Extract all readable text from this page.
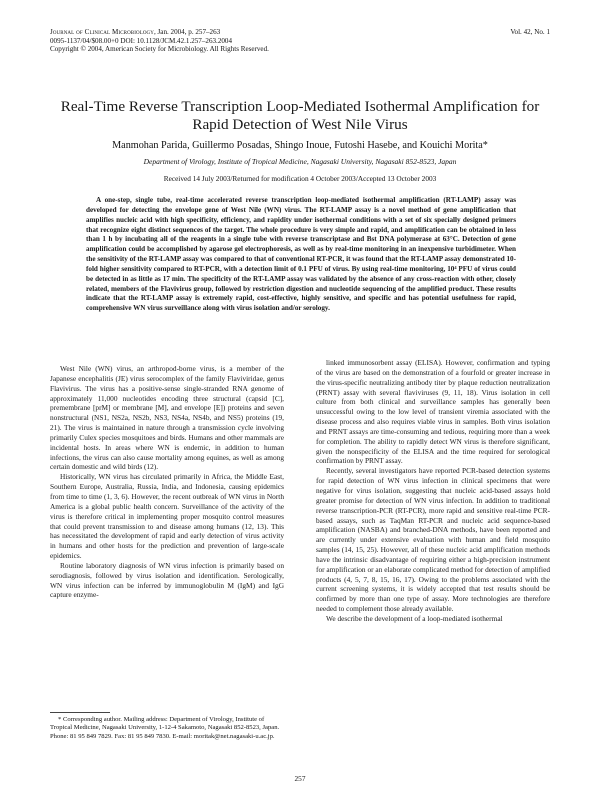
Journal of Clinical Microbiology, Jan. 2004, p. 257–263
0095-1137/04/$08.00+0 DOI: 10.1128/JCM.42.1.257–263.2004
Copyright © 2004, American Society for Microbiology. All Rights Reserved.
Vol. 42, No. 1
Real-Time Reverse Transcription Loop-Mediated Isothermal Amplification for Rapid Detection of West Nile Virus
Manmohan Parida, Guillermo Posadas, Shingo Inoue, Futoshi Hasebe, and Kouichi Morita*
Department of Virology, Institute of Tropical Medicine, Nagasaki University, Nagasaki 852-8523, Japan
Received 14 July 2003/Returned for modification 4 October 2003/Accepted 13 October 2003
A one-step, single tube, real-time accelerated reverse transcription loop-mediated isothermal amplification (RT-LAMP) assay was developed for detecting the envelope gene of West Nile (WN) virus. The RT-LAMP assay is a novel method of gene amplification that amplifies nucleic acid with high specificity, efficiency, and rapidity under isothermal conditions with a set of six specially designed primers that recognize eight distinct sequences of the target. The whole procedure is very simple and rapid, and amplification can be obtained in less than 1 h by incubating all of the reagents in a single tube with reverse transcriptase and Bst DNA polymerase at 63°C. Detection of gene amplification could be accomplished by agarose gel electrophoresis, as well as by real-time monitoring in an inexpensive turbidimeter. When the sensitivity of the RT-LAMP assay was compared to that of conventional RT-PCR, it was found that the RT-LAMP assay demonstrated 10-fold higher sensitivity compared to RT-PCR, with a detection limit of 0.1 PFU of virus. By using real-time monitoring, 10⁴ PFU of virus could be detected in as little as 17 min. The specificity of the RT-LAMP assay was validated by the absence of any cross-reaction with other, closely related, members of the Flavivirus group, followed by restriction digestion and nucleotide sequencing of the amplified product. These results indicate that the RT-LAMP assay is extremely rapid, cost-effective, highly sensitive, and specific and has potential usefulness for rapid, comprehensive WN virus surveillance along with virus isolation and/or serology.

West Nile (WN) virus, an arthropod-borne virus, is a member of the Japanese encephalitis (JE) virus serocomplex of the family Flaviviridae, genus Flavivirus. The virus has a positive-sense single-stranded RNA genome of approximately 11,000 nucleotides encoding three structural (capsid [C], premembrane [prM] or membrane [M], and envelope [E]) proteins and seven nonstructural (NS1, NS2a, NS2b, NS3, NS4a, NS4b, and NS5) proteins (19, 21). The virus is maintained in nature through a transmission cycle involving primarily Culex species mosquitoes and birds. Humans and other mammals are incidental hosts. In areas where WN is endemic, in addition to human infections, the virus can also cause mortality among equines, as well as among certain domestic and wild birds (12).

Historically, WN virus has circulated primarily in Africa, the Middle East, Southern Europe, Australia, Russia, India, and Indonesia, causing epidemics from time to time (1, 3, 6). However, the recent outbreak of WN virus in North America is a global public health concern. Surveillance of the activity of the virus is therefore critical in implementing proper mosquito control measures that could prevent transmission to and disease among humans (12, 13). This has necessitated the development of rapid and early detection of virus activity in humans and other hosts for the prediction and prevention of large-scale epidemics.

Routine laboratory diagnosis of WN virus infection is primarily based on serodiagnosis, followed by virus isolation and identification. Serologically, WN virus infection can be inferred by immunoglobulin M (IgM) and IgG capture enzyme-

linked immunosorbent assay (ELISA). However, confirmation and typing of the virus are based on the demonstration of a fourfold or greater increase in the virus-specific neutralizing antibody titer by plaque reduction neutralization (PRNT) assay with several flaviviruses (9, 11, 18). Virus isolation in cell culture from both clinical and surveillance samples has generally been unsuccessful owing to the low level of transient viremia associated with the disease process and also requires viable virus in samples. Both virus isolation and PRNT assays are time-consuming and tedious, requiring more than a week for completion. The ability to rapidly detect WN virus is therefore significant, given the nonspecificity of the ELISA and the time required for serological confirmation by PRNT assay.

Recently, several investigators have reported PCR-based detection systems for rapid detection of WN virus infection in clinical specimens that were negative for virus isolation, suggesting that nucleic acid-based assays hold greater promise for detection of WN virus infection. In addition to traditional reverse transcription-PCR (RT-PCR), more rapid and sensitive real-time PCR-based assays, such as TaqMan RT-PCR and nucleic acid sequence-based amplification (NASBA) and branched-DNA methods, have been reported and are currently under extensive evaluation with human and field mosquito samples (14, 15, 25). However, all of these nucleic acid amplification methods have the intrinsic disadvantage of requiring either a high-precision instrument for amplification or an elaborate complicated method for detection of amplified products (4, 5, 7, 8, 15, 16, 17). Owing to the problems associated with the current screening systems, it is widely accepted that test results should be confirmed by more than one type of assay. More technologies are therefore needed to complement those already available.

We describe the development of a loop-mediated isothermal

* Corresponding author. Mailing address: Department of Virology, Institute of Tropical Medicine, Nagasaki University, 1-12-4 Sakamoto, Nagasaki 852-8523, Japan. Phone: 81 95 849 7829. Fax: 81 95 849 7830. E-mail: moritak@net.nagasaki-u.ac.jp.
257
